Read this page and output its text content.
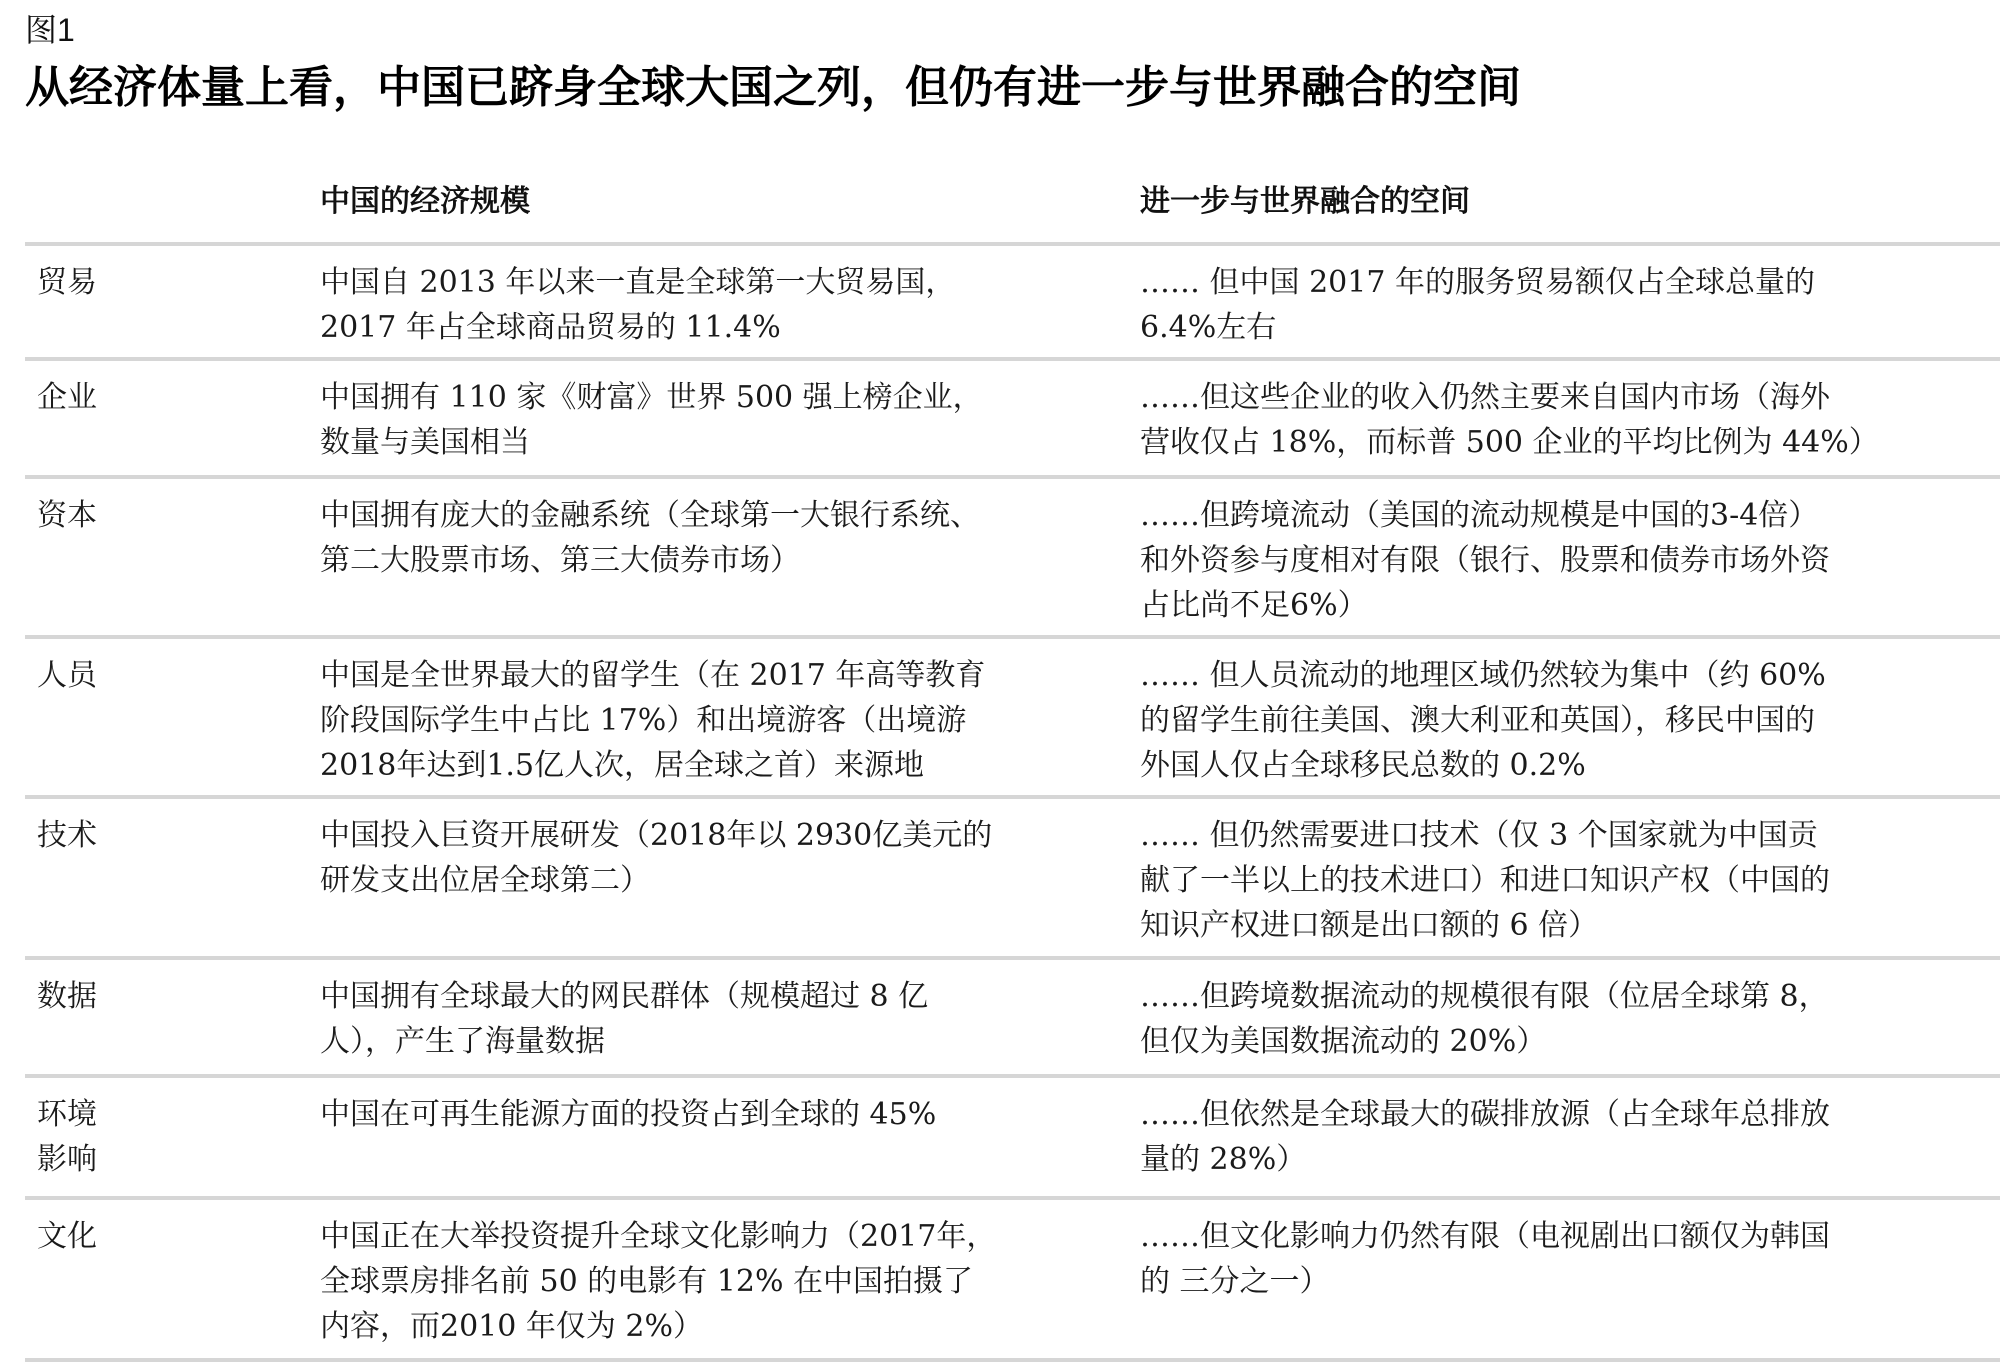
图1
从经济体量上看，中国已跻身全球大国之列，但仍有进一步与世界融合的空间
中国的经济规模	进一步与世界融合的空间
贸易	中国自 2013 年以来一直是全球第一大贸易国，
2017 年占全球商品贸易的 11.4%
…… 但中国 2017 年的服务贸易额仅占全球总量的
6.4%左右
企业	中国拥有 110 家《财富》世界 500 强上榜企业，
数量与美国相当
……但这些企业的收入仍然主要来自国内市场（海外
营收仅占 18%，而标普 500 企业的平均比例为 44%）
资本	中国拥有庞大的金融系统（全球第一大银行系统、
第二大股票市场、第三大债券市场）
……但跨境流动（美国的流动规模是中国的3-4倍）
和外资参与度相对有限（银行、股票和债券市场外资
占比尚不足6%）
人员	中国是全世界最大的留学生（在 2017 年高等教育
阶段国际学生中占比 17%）和出境游客（出境游
2018年达到1.5亿人次，居全球之首）来源地
…… 但人员流动的地理区域仍然较为集中（约 60%
的留学生前往美国、澳大利亚和英国），移民中国的
外国人仅占全球移民总数的 0.2%
技术	中国投入巨资开展研发（2018年以 2930亿美元的
研发支出位居全球第二）
…… 但仍然需要进口技术（仅 3 个国家就为中国贡
献了一半以上的技术进口）和进口知识产权（中国的
知识产权进口额是出口额的 6 倍）
数据	中国拥有全球最大的网民群体（规模超过 8 亿
人），产生了海量数据
……但跨境数据流动的规模很有限（位居全球第 8，
但仅为美国数据流动的 20%）
环境
影响
中国在可再生能源方面的投资占到全球的 45%	……但依然是全球最大的碳排放源（占全球年总排放
量的 28%）
文化	中国正在大举投资提升全球文化影响力（2017年，
全球票房排名前 50 的电影有 12% 在中国拍摄了
内容，而2010 年仅为 2%）
……但文化影响力仍然有限（电视剧出口额仅为韩国
的 三分之一）
